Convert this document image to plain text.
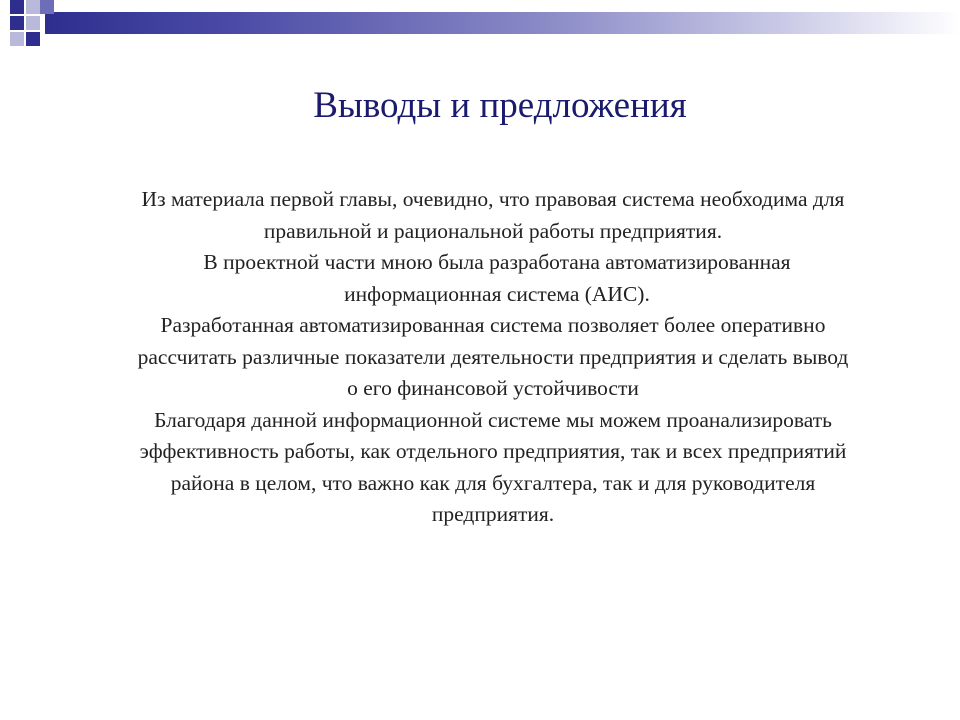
Выводы и предложения

Из материала первой главы, очевидно, что правовая система необходима для правильной и рациональной работы предприятия.

В проектной части мною была разработана автоматизированная информационная система (АИС).

Разработанная автоматизированная система позволяет более оперативно рассчитать различные показатели деятельности предприятия и сделать вывод о его финансовой устойчивости

Благодаря данной информационной системе мы можем проанализировать эффективность работы, как отдельного предприятия, так и всех предприятий района в целом, что важно как для бухгалтера, так и для руководителя предприятия.
